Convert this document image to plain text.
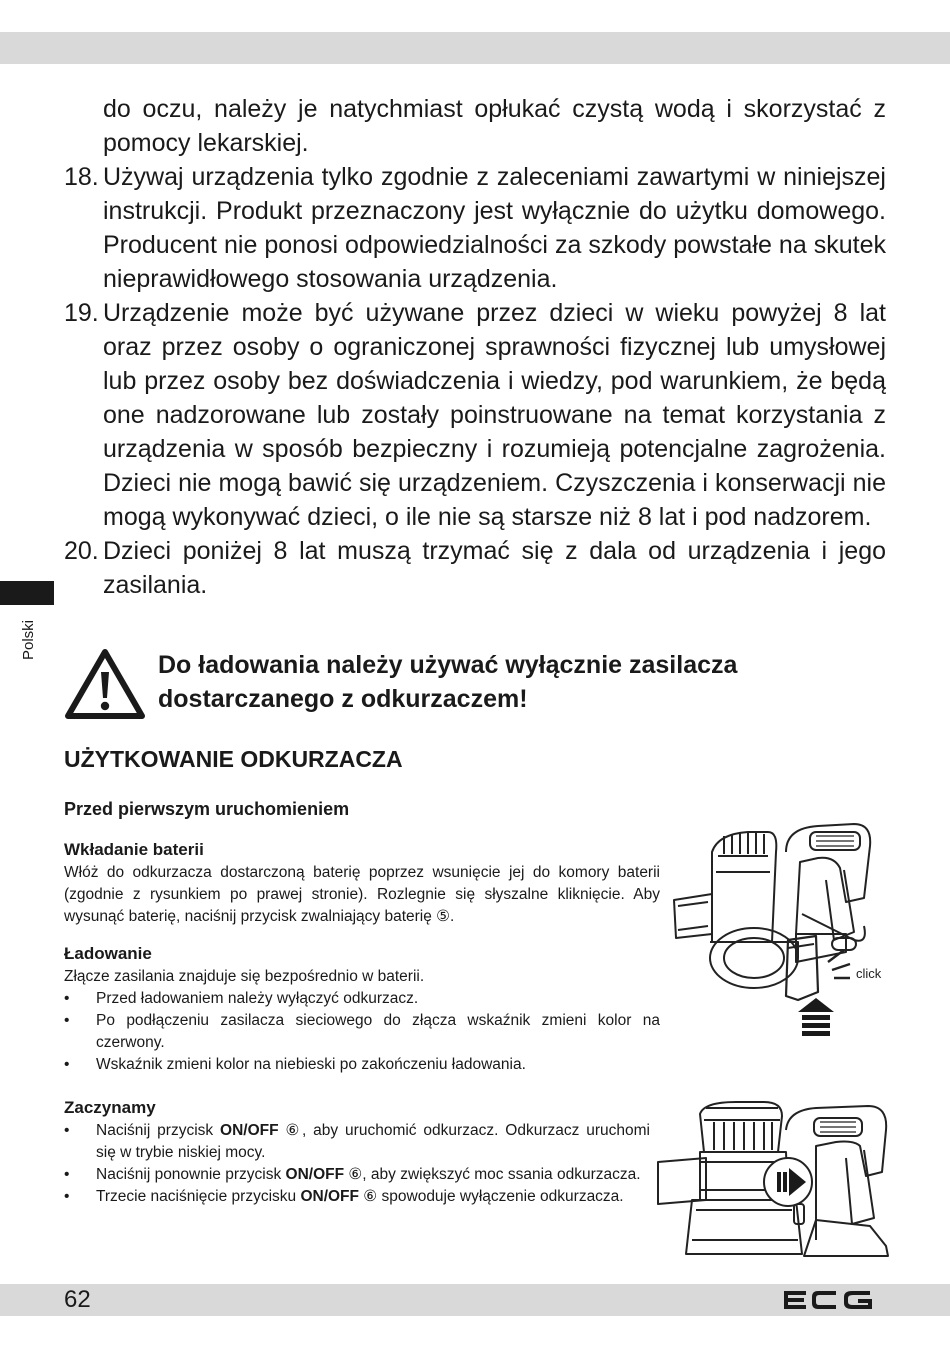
do oczu, należy je natychmiast opłukać czystą wodą i skorzystać z pomocy lekarskiej.
18. Używaj urządzenia tylko zgodnie z zaleceniami zawartymi w niniejszej instrukcji. Produkt przeznaczony jest wyłącznie do użytku domowego. Producent nie ponosi odpowiedzialności za szkody powstałe na skutek nieprawidłowego stosowania urządzenia.
19. Urządzenie może być używane przez dzieci w wieku powyżej 8 lat oraz przez osoby o ograniczonej sprawności fizycznej lub umysłowej lub przez osoby bez doświadczenia i wiedzy, pod warunkiem, że będą one nadzorowane lub zostały poinstruowane na temat korzystania z urządzenia w sposób bezpieczny i rozumieją potencjalne zagrożenia. Dzieci nie mogą bawić się urządzeniem. Czyszczenia i konserwacji nie mogą wykonywać dzieci, o ile nie są starsze niż 8 lat i pod nadzorem.
20. Dzieci poniżej 8 lat muszą trzymać się z dala od urządzenia i jego zasilania.
Polski
Do ładowania należy używać wyłącznie zasilacza dostarczanego z odkurzaczem!
UŻYTKOWANIE ODKURZACZA
Przed pierwszym uruchomieniem
Wkładanie baterii

Włóż do odkurzacza dostarczoną baterię poprzez wsunięcie jej do komory baterii (zgodnie z rysunkiem po prawej stronie). Rozlegnie się słyszalne kliknięcie. Aby wysunąć baterię, naciśnij przycisk zwalniający baterię ⑤.

Ładowanie

Złącze zasilania znajduje się bezpośrednio w baterii.

• Przed ładowaniem należy wyłączyć odkurzacz.
• Po podłączeniu zasilacza sieciowego do złącza wskaźnik zmieni kolor na czerwony.
• Wskaźnik zmieni kolor na niebieski po zakończeniu ładowania.
Zaczynamy
• Naciśnij przycisk ON/OFF ⑥, aby uruchomić odkurzacz. Odkurzacz uruchomi się w trybie niskiej mocy.
• Naciśnij ponownie przycisk ON/OFF ⑥, aby zwiększyć moc ssania odkurzacza.
• Trzecie naciśnięcie przycisku ON/OFF ⑥ spowoduje wyłączenie odkurzacza.
click
62
